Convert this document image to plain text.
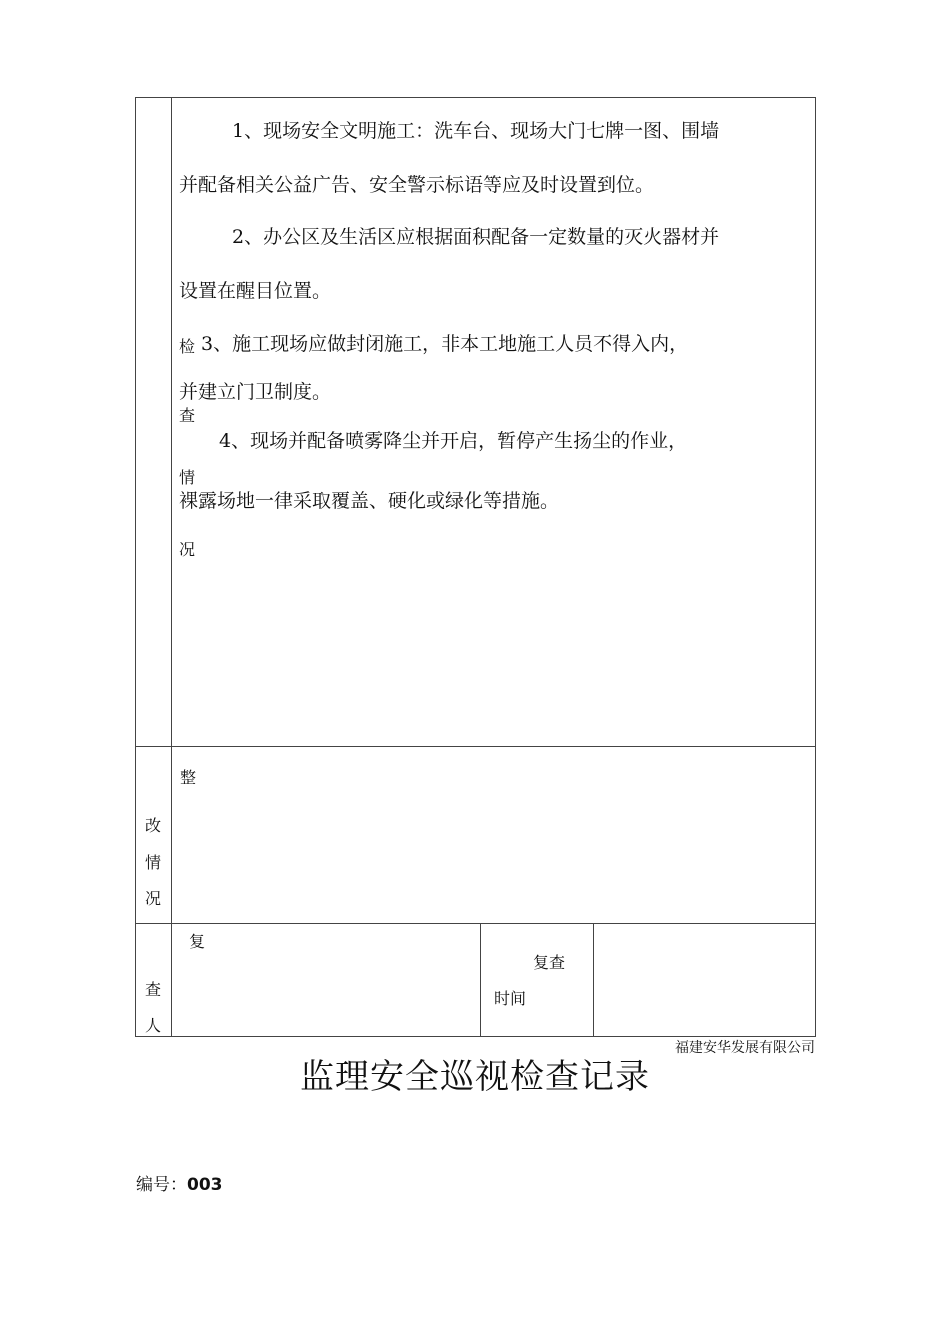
1、现场安全文明施工：洗车台、现场大门七牌一图、围墙
并配备相关公益广告、安全警示标语等应及时设置到位。
2、办公区及生活区应根据面积配备一定数量的灭火器材并
设置在醒目位置。
3、施工现场应做封闭施工，非本工地施工人员不得入内，
并建立门卫制度。
4、现场并配备喷雾降尘并开启，暂停产生扬尘的作业，
裸露场地一律采取覆盖、硬化或绿化等措施。
检
查
情
况
整
改
情
况
复
查
人
复查
时间
福建安华发展有限公司
监理安全巡视检查记录
编号：003
